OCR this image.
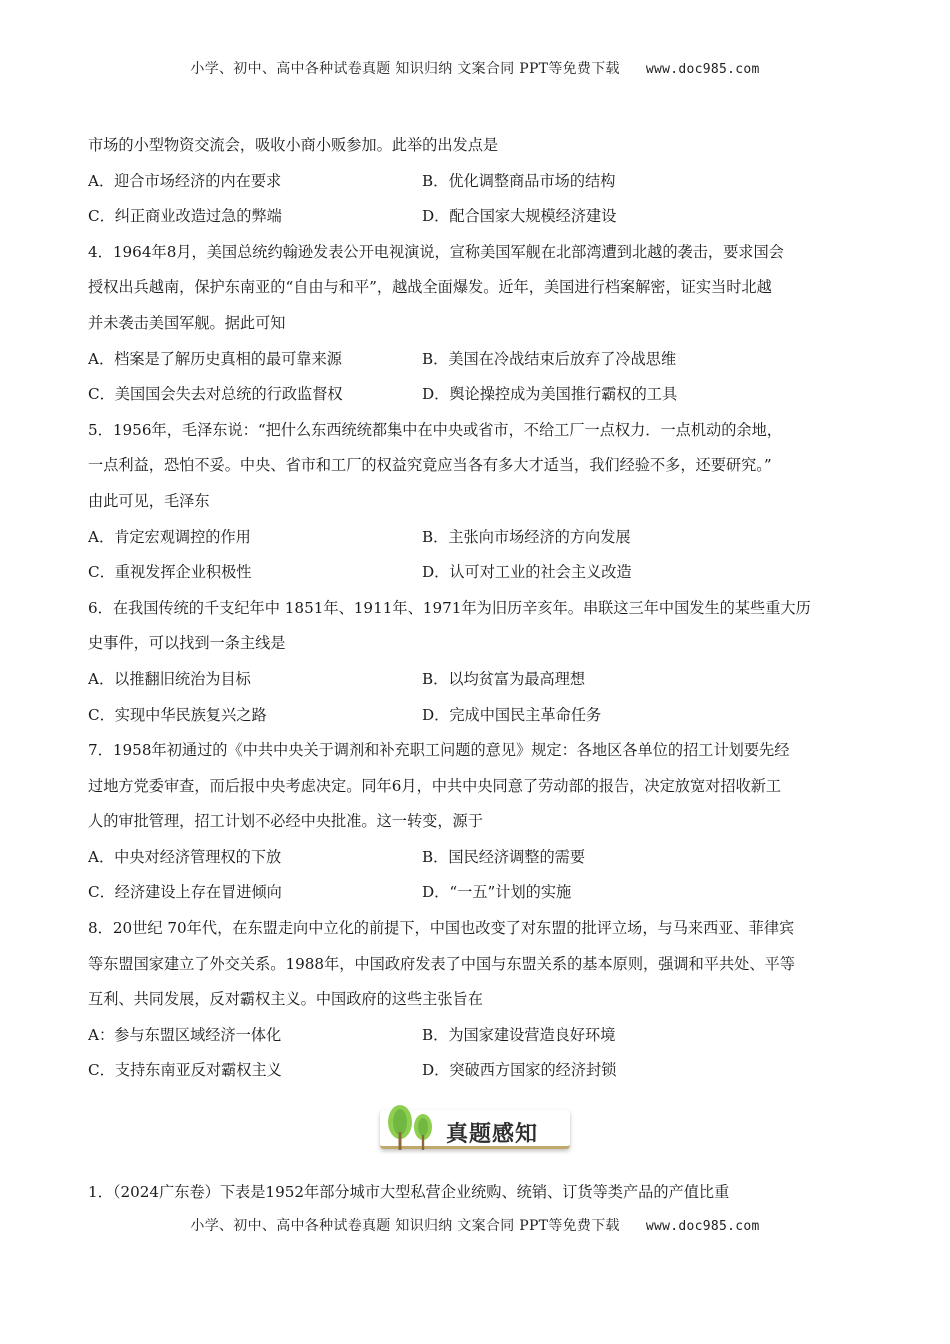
小学、初中、高中各种试卷真题 知识归纳 文案合同 PPT等免费下载 www.doc985.com
市场的小型物资交流会，吸收小商小贩参加。此举的出发点是
A．迎合市场经济的内在要求	B．优化调整商品市场的结构
C．纠正商业改造过急的弊端	D．配合国家大规模经济建设
4．1964年8月，美国总统约翰逊发表公开电视演说，宣称美国军舰在北部湾遭到北越的袭击，要求国会
授权出兵越南，保护东南亚的“自由与和平”，越战全面爆发。近年，美国进行档案解密，证实当时北越
并未袭击美国军舰。据此可知
A．档案是了解历史真相的最可靠来源	B．美国在冷战结束后放弃了冷战思维
C．美国国会失去对总统的行政监督权	D．舆论操控成为美国推行霸权的工具
5．1956年，毛泽东说：“把什么东西统统都集中在中央或省市，不给工厂一点权力．一点机动的余地，
一点利益，恐怕不妥。中央、省市和工厂的权益究竟应当各有多大才适当，我们经验不多，还要研究。”
由此可见，毛泽东
A．肯定宏观调控的作用	B．主张向市场经济的方向发展
C．重视发挥企业积极性	D．认可对工业的社会主义改造
6．在我国传统的千支纪年中 1851年、1911年、1971年为旧历辛亥年。串联这三年中国发生的某些重大历
史事件，可以找到一条主线是
A．以推翻旧统治为目标	B．以均贫富为最高理想
C．实现中华民族复兴之路	D．完成中国民主革命任务
7．1958年初通过的《中共中央关于调剂和补充职工问题的意见》规定：各地区各单位的招工计划要先经
过地方党委审查，而后报中央考虑决定。同年6月，中共中央同意了劳动部的报告，决定放宽对招收新工
人的审批管理，招工计划不必经中央批准。这一转变，源于
A．中央对经济管理权的下放	B．国民经济调整的需要
C．经济建设上存在冒进倾向	D．“一五”计划的实施
8．20世纪 70年代，在东盟走向中立化的前提下，中国也改变了对东盟的批评立场，与马来西亚、菲律宾
等东盟国家建立了外交关系。1988年，中国政府发表了中国与东盟关系的基本原则，强调和平共处、平等
互利、共同发展，反对霸权主义。中国政府的这些主张旨在
A：参与东盟区域经济一体化	B．为国家建设营造良好环境
C．支持东南亚反对霸权主义	D．突破西方国家的经济封锁
真题感知
1．（2024广东卷）下表是1952年部分城市大型私营企业统购、统销、订货等类产品的产值比重
小学、初中、高中各种试卷真题 知识归纳 文案合同 PPT等免费下载 www.doc985.com
